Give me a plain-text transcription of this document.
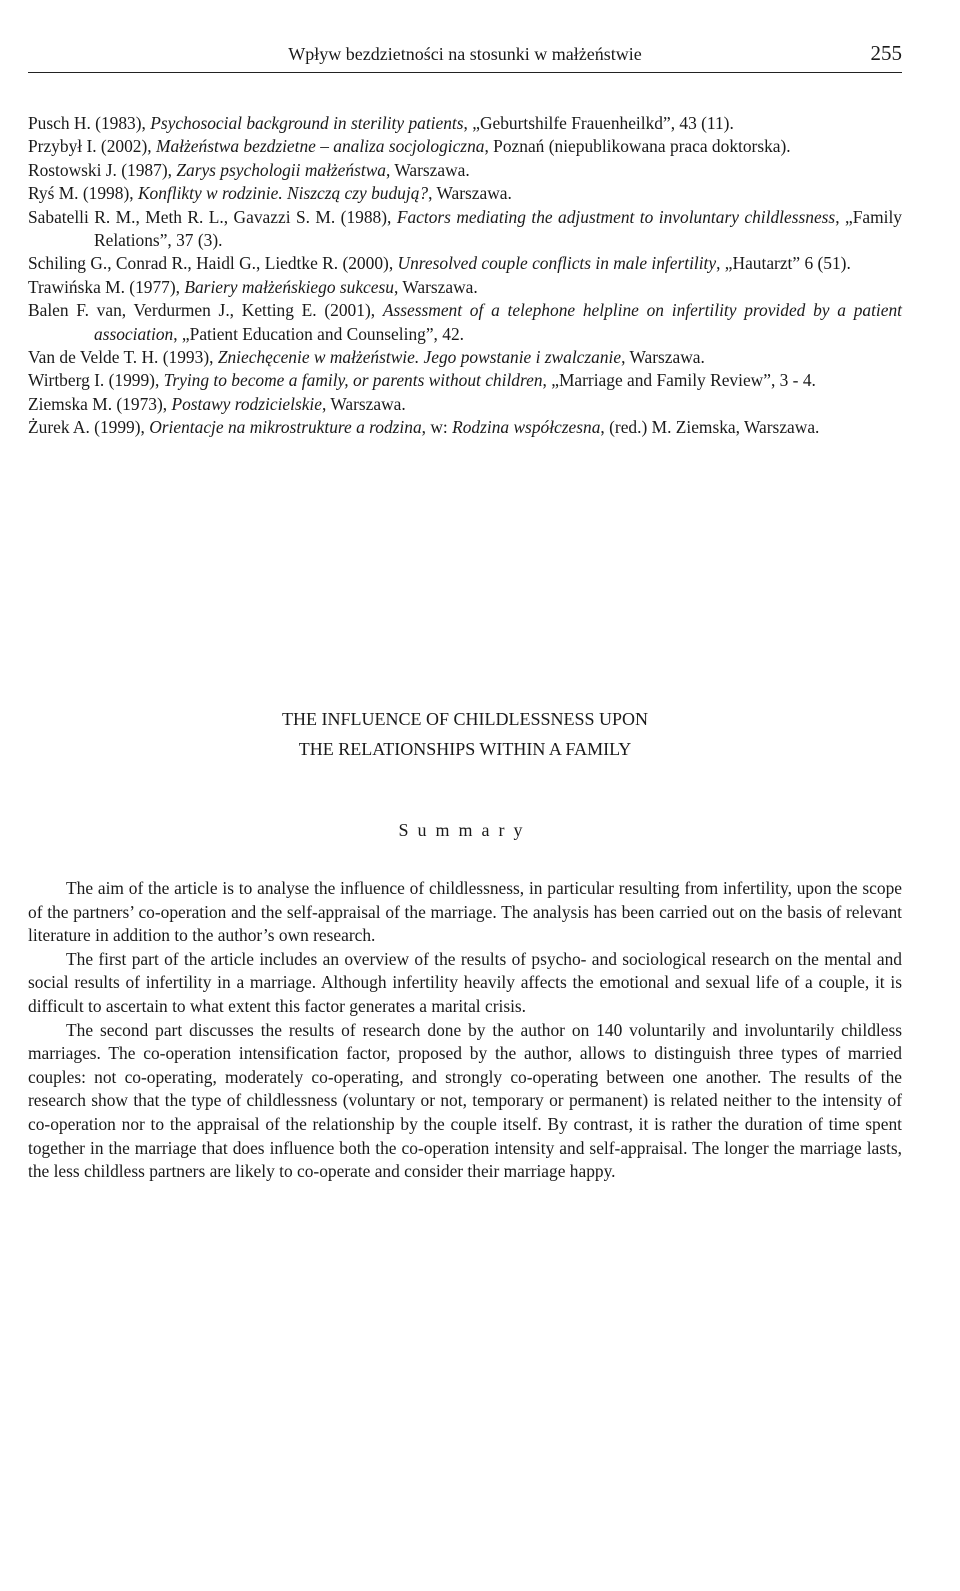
Wpływ bezdzietności na stosunki w małżeństwie	255

Pusch H. (1983), Psychosocial background in sterility patients, „Geburtshilfe Frauenheilkd”, 43 (11).

Przybył I. (2002), Małżeństwa bezdzietne – analiza socjologiczna, Poznań (niepublikowana praca doktorska).

Rostowski J. (1987), Zarys psychologii małżeństwa, Warszawa.

Ryś M. (1998), Konflikty w rodzinie. Niszczą czy budują?, Warszawa.

Sabatelli R. M., Meth R. L., Gavazzi S. M. (1988), Factors mediating the adjustment to involuntary childlessness, „Family Relations”, 37 (3).

Schiling G., Conrad R., Haidl G., Liedtke R. (2000), Unresolved couple conflicts in male infertility, „Hautarzt” 6 (51).

Trawińska M. (1977), Bariery małżeńskiego sukcesu, Warszawa.

Balen F. van, Verdurmen J., Ketting E. (2001), Assessment of a telephone helpline on infertility provided by a patient association, „Patient Education and Counseling”, 42.

Van de Velde T. H. (1993), Zniechęcenie w małżeństwie. Jego powstanie i zwalczanie, Warszawa.

Wirtberg I. (1999), Trying to become a family, or parents without children, „Marriage and Family Review”, 3 - 4.

Ziemska M. (1973), Postawy rodzicielskie, Warszawa.

Żurek A. (1999), Orientacje na mikrostrukture a rodzina, w: Rodzina współczesna, (red.) M. Ziemska, Warszawa.

THE INFLUENCE OF CHILDLESSNESS UPON
THE RELATIONSHIPS WITHIN A FAMILY
Summary

The aim of the article is to analyse the influence of childlessness, in particular resulting from infertility, upon the scope of the partners’ co-operation and the self-appraisal of the marriage. The analysis has been carried out on the basis of relevant literature in addition to the author’s own research.

The first part of the article includes an overview of the results of psycho- and sociological research on the mental and social results of infertility in a marriage. Although infertility heavily affects the emotional and sexual life of a couple, it is difficult to ascertain to what extent this factor generates a marital crisis.

The second part discusses the results of research done by the author on 140 voluntarily and involuntarily childless marriages. The co-operation intensification factor, proposed by the author, allows to distinguish three types of married couples: not co-operating, moderately co-operating, and strongly co-operating between one another. The results of the research show that the type of childlessness (voluntary or not, temporary or permanent) is related neither to the intensity of co-operation nor to the appraisal of the relationship by the couple itself. By contrast, it is rather the duration of time spent together in the marriage that does influence both the co-operation intensity and self-appraisal. The longer the marriage lasts, the less childless partners are likely to co-operate and consider their marriage happy.
